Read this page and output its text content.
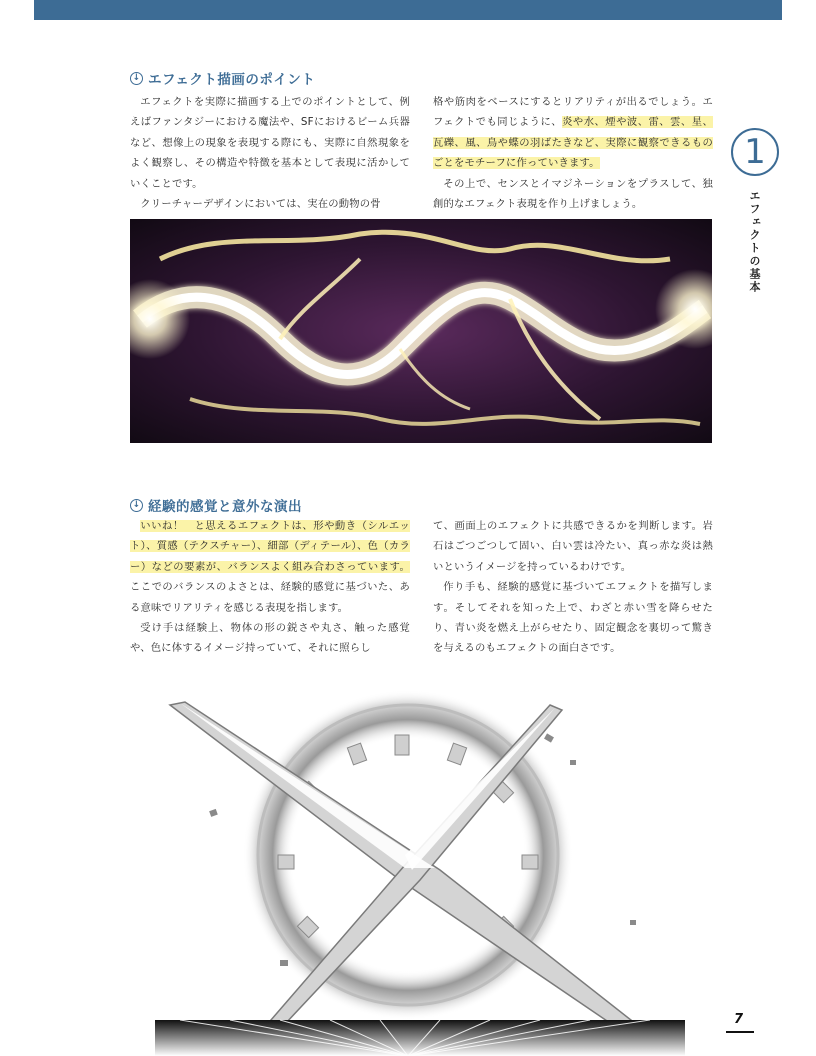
↓ エフェクト描画のポイント

エフェクトを実際に描画する上でのポイントとして、例えばファンタジーにおける魔法や、SFにおけるビーム兵器など、想像上の現象を表現する際にも、実際に自然現象をよく観察し、その構造や特徴を基本として表現に活かしていくことです。

クリーチャーデザインにおいては、実在の動物の骨

格や筋肉をベースにするとリアリティが出るでしょう。エフェクトでも同じように、炎や水、煙や波、雷、雲、星、瓦礫、風、鳥や蝶の羽ばたきなど、実際に観察できるものごとをモチーフに作っていきます。

その上で、センスとイマジネーションをプラスして、独創的なエフェクト表現を作り上げましょう。

1
エフェクトの基本
↓ 経験的感覚と意外な演出

いいね！　と思えるエフェクトは、形や動き（シルエット）、質感（テクスチャー）、細部（ディテール）、色（カラー）などの要素が、バランスよく組み合わさっています。ここでのバランスのよさとは、経験的感覚に基づいた、ある意味でリアリティを感じる表現を指します。

受け手は経験上、物体の形の鋭さや丸さ、触った感覚や、色に体するイメージ持っていて、それに照らし

て、画面上のエフェクトに共感できるかを判断します。岩石はごつごつして固い、白い雲は冷たい、真っ赤な炎は熱いというイメージを持っているわけです。

作り手も、経験的感覚に基づいてエフェクトを描写します。そしてそれを知った上で、わざと赤い雪を降らせたり、青い炎を燃え上がらせたり、固定観念を裏切って驚きを与えるのもエフェクトの面白さです。

7
